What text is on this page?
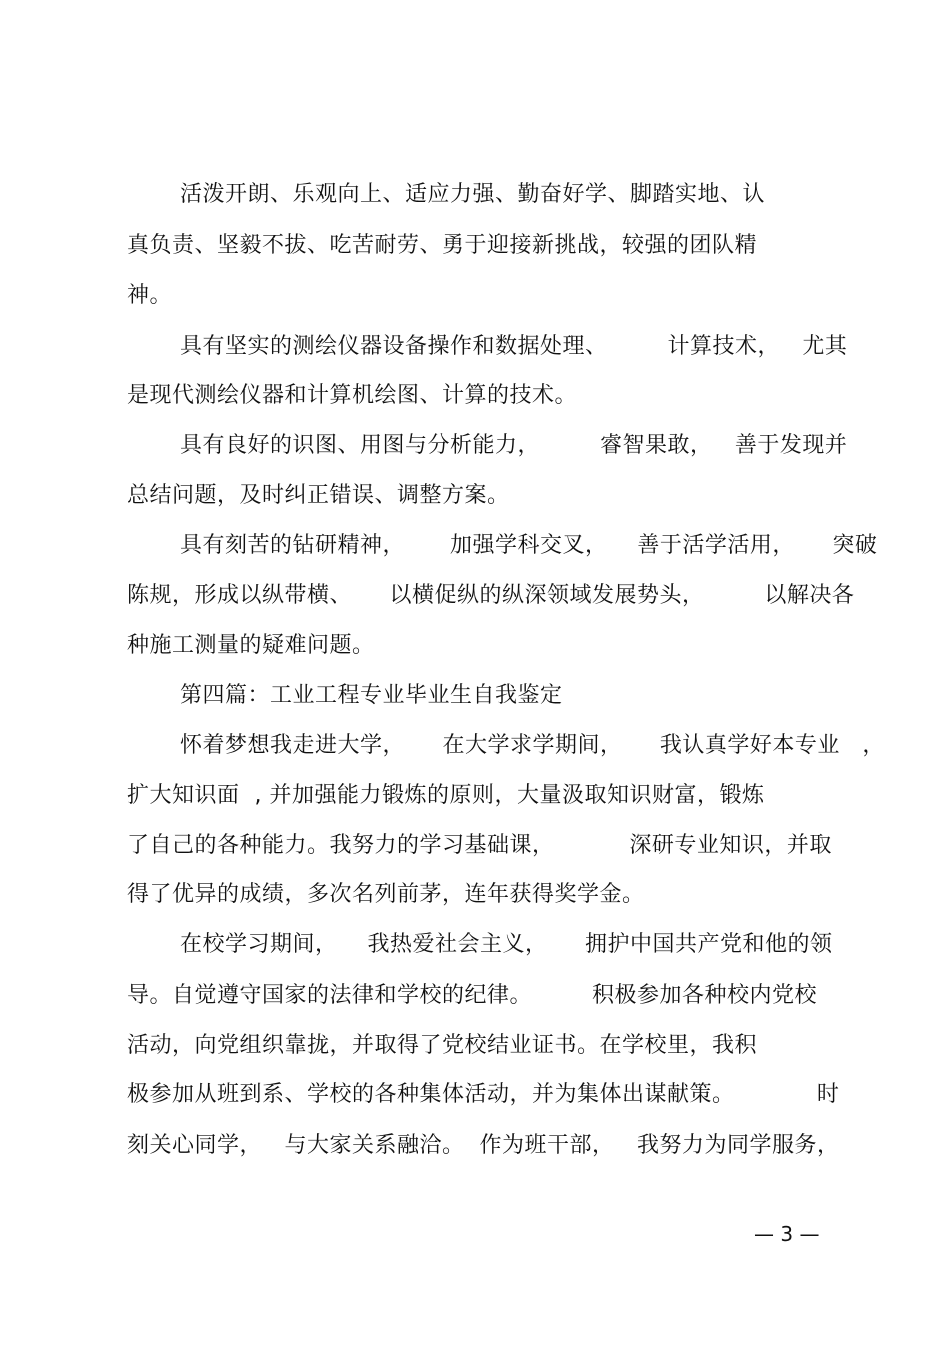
活泼开朗、乐观向上、适应力强、勤奋好学、脚踏实地、认
真负责、坚毅不拔、吃苦耐劳、勇于迎接新挑战，较强的团队精
神。
具有坚实的测绘仪器设备操作和数据处理、        计算技术，   尤其
是现代测绘仪器和计算机绘图、计算的技术。
具有良好的识图、用图与分析能力，        睿智果敢，   善于发现并
总结问题，及时纠正错误、调整方案。
具有刻苦的钻研精神，      加强学科交叉，    善于活学活用，     突破
陈规，形成以纵带横、     以横促纵的纵深领域发展势头，        以解决各
种施工测量的疑难问题。
第四篇：工业工程专业毕业生自我鉴定
怀着梦想我走进大学，     在大学求学期间，     我认真学好本专业   ，
扩大知识面  , 并加强能力锻炼的原则，大量汲取知识财富，锻炼
了自己的各种能力。我努力的学习基础课，          深研专业知识，并取
得了优异的成绩，多次名列前茅，连年获得奖学金。
在校学习期间，    我热爱社会主义，     拥护中国共产党和他的领
导。自觉遵守国家的法律和学校的纪律。        积极参加各种校内党校
活动，向党组织靠拢，并取得了党校结业证书。在学校里，我积
极参加从班到系、学校的各种集体活动，并为集体出谋献策。           时
刻关心同学，   与大家关系融洽。  作为班干部，   我努力为同学服务，
— 3 —
